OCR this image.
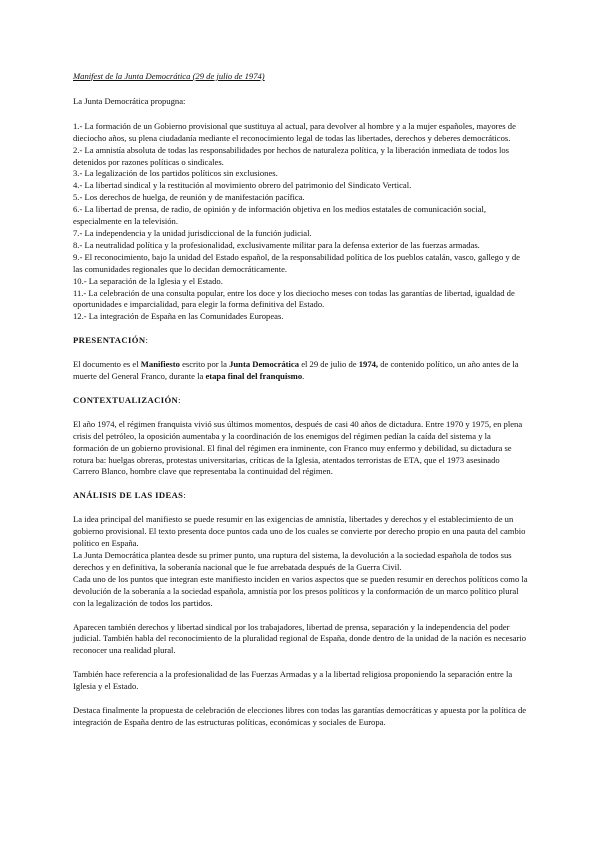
Manifest de la Junta Democrática (29 de julio de 1974)

La Junta Democrática propugna:

1.- La formación de un Gobierno provisional que sustituya al actual, para devolver al hombre y a la mujer españoles, mayores de dieciocho años, su plena ciudadanía mediante el reconocimiento legal de todas las libertades, derechos y deberes democráticos.

2.- La amnistía absoluta de todas las responsabilidades por hechos de naturaleza política, y la liberación inmediata de todos los detenidos por razones políticas o sindicales.

3.- La legalización de los partidos políticos sin exclusiones.

4.- La libertad sindical y la restitución al movimiento obrero del patrimonio del Sindicato Vertical.

5.- Los derechos de huelga, de reunión y de manifestación pacífica.

6.- La libertad de prensa, de radio, de opinión y de información objetiva en los medios estatales de comunicación social, especialmente en la televisión.

7.- La independencia y la unidad jurisdiccional de la función judicial.

8.- La neutralidad política y la profesionalidad, exclusivamente militar para la defensa exterior de las fuerzas armadas.

9.- El reconocimiento, bajo la unidad del Estado español, de la responsabilidad política de los pueblos catalán, vasco, gallego y de las comunidades regionales que lo decidan democráticamente.

10.- La separación de la Iglesia y el Estado.

11.- La celebración de una consulta popular, entre los doce y los dieciocho meses con todas las garantías de libertad, igualdad de oportunidades e imparcialidad, para elegir la forma definitiva del Estado.

12.- La integración de España en las Comunidades Europeas.

PRESENTACIÓN:

El documento es el Manifiesto escrito por la Junta Democrática el 29 de julio de 1974, de contenido político, un año antes de la muerte del General Franco, durante la etapa final del franquismo.

CONTEXTUALIZACIÓN:

El año 1974, el régimen franquista vivió sus últimos momentos, después de casi 40 años de dictadura. Entre 1970 y 1975, en plena crisis del petróleo, la oposición aumentaba y la coordinación de los enemigos del régimen pedían la caída del sistema y la formación de un gobierno provisional. El final del régimen era inminente, con Franco muy enfermo y debilidad, su dictadura se rotura ba: huelgas obreras, protestas universitarias, críticas de la Iglesia, atentados terroristas de ETA, que el 1973 asesinado Carrero Blanco, hombre clave que representaba la continuidad del régimen.

ANÁLISIS DE LAS IDEAS:

La idea principal del manifiesto se puede resumir en las exigencias de amnistía, libertades y derechos y el establecimiento de un gobierno provisional. El texto presenta doce puntos cada uno de los cuales se convierte por derecho propio en una pauta del cambio político en España.

La Junta Democrática plantea desde su primer punto, una ruptura del sistema, la devolución a la sociedad española de todos sus derechos y en definitiva, la soberanía nacional que le fue arrebatada después de la Guerra Civil.

Cada uno de los puntos que integran este manifiesto inciden en varios aspectos que se pueden resumir en derechos políticos como la devolución de la soberanía a la sociedad española, amnistía por los presos políticos y la conformación de un marco político plural con la legalización de todos los partidos.

Aparecen también derechos y libertad sindical por los trabajadores, libertad de prensa, separación y la independencia del poder judicial. También habla del reconocimiento de la pluralidad regional de España, donde dentro de la unidad de la nación es necesario reconocer una realidad plural.

También hace referencia a la profesionalidad de las Fuerzas Armadas y a la libertad religiosa proponiendo la separación entre la Iglesia y el Estado.

Destaca finalmente la propuesta de celebración de elecciones libres con todas las garantías democráticas y apuesta por la política de integración de España dentro de las estructuras políticas, económicas y sociales de Europa.
